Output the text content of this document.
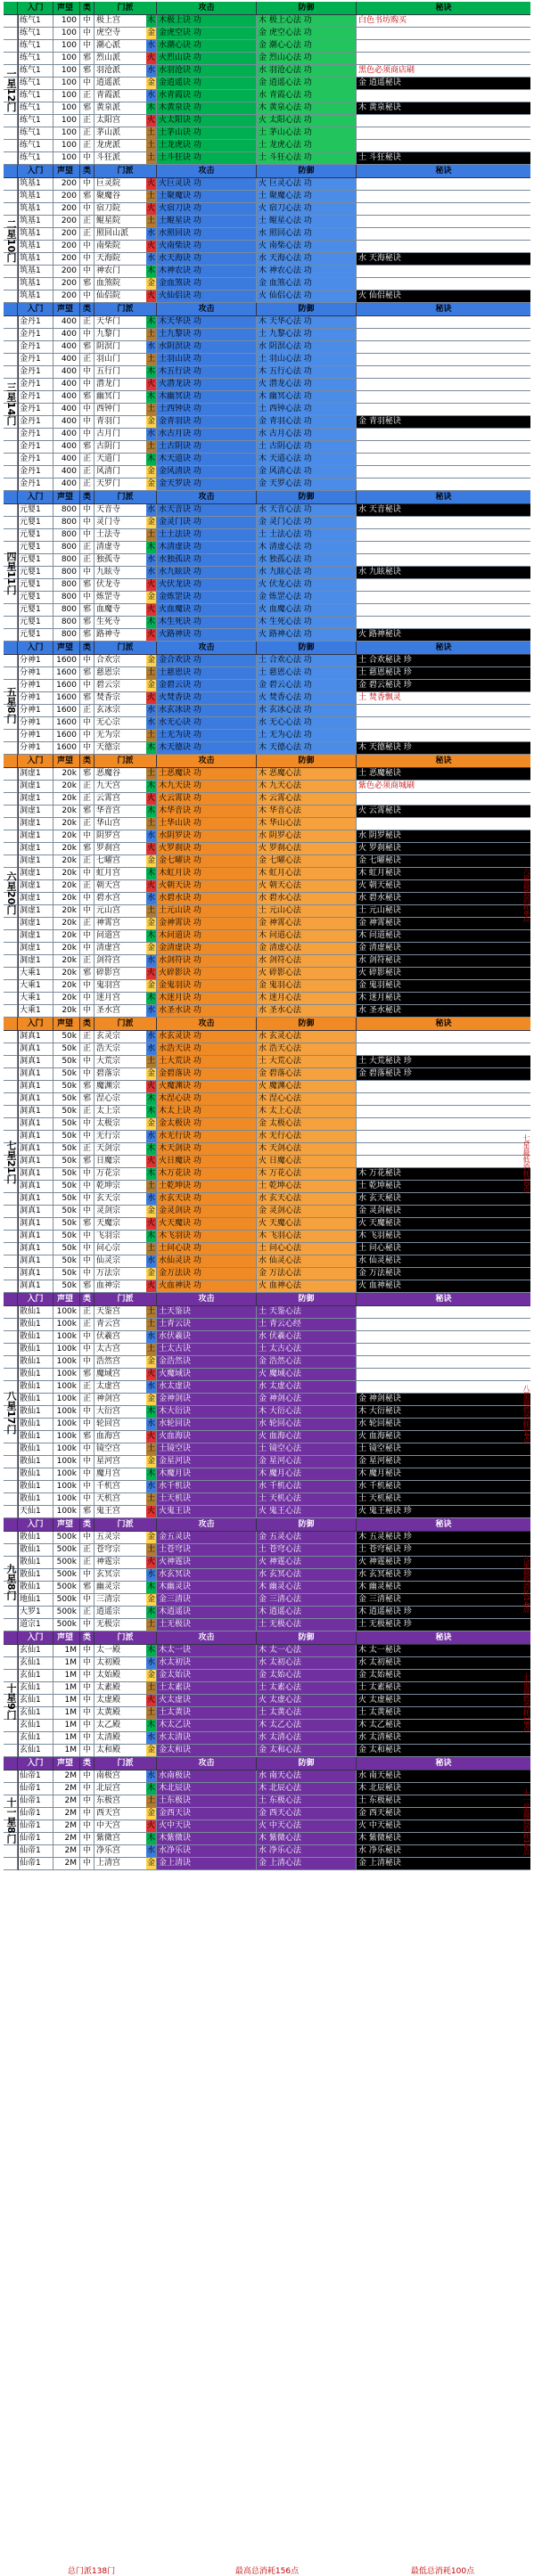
入门	声望	类	门派	攻击	防御	秘诀
一星12门
练气1	100 中 极上宫	木 木极上诀 功	木 极上心法 功	白色书坊购买
练气1	100 中 虎空寺	金 金虎空诀 功	金 虎空心法 功
练气1	100 中 潮心派	水 水潮心诀 功	金 潮心心法 功
练气1	100 邪 烈山派	火 火烈山诀 功	金 烈山心法 功
练气1	100 邪 羽沧派	水 水羽沧诀 功	水 羽沧心法 功	黑色必须商店刷
练气1	100 中 逍遥派	金 金逍遥诀 功	金 逍遥心法 功	金 逍遥秘诀
练气1	100 正 青霞派	水 水青霞诀 功	水 青霞心法 功
练气1	100 邪 黄泉派	木 木黄泉诀 功	木 黄泉心法 功	木 黄泉秘诀
练气1	100 正 太阳宫	火 火太阳诀 功	火 太阳心法 功
练气1	100 正 茅山派	土 土茅山诀 功	土 茅山心法 功
练气1	100 正 龙虎派	土 土龙虎诀 功	土 龙虎心法 功
练气1	100 中 斗狂派	土 土斗狂诀 功	土 斗狂心法 功	土 斗狂秘诀
入门	声望	类	门派	攻击	防御	秘诀
二星10门
筑基1	200 中 巨灵院	火 火巨灵诀 功	火 巨灵心法 功
筑基1	200 邪 聚魔谷	土 土聚魔诀 功	土 聚魔心法 功
筑基1	200 中 宿刀院	火 火宿刀诀 功	火 宿刀心法 功
筑基1	200 正 鲲星院	土 土鲲星诀 功	土 鲲星心法 功
筑基1	200 正 照回山派 水 水照回诀 功	水 照回心法 功
筑基1	200 中 南柴院	火 火南柴诀 功	火 南柴心法 功
筑基1	200 中 天海院	水 水天海诀 功	水 天海心法 功	水 天海秘诀
筑基1	200 中 神农门	木 木神农诀 功	木 神农心法 功
筑基1	200 邪 血煞院	金 金血煞诀 功	金 血煞心法 功
筑基1	200 中 仙侣院	火 火仙侣诀 功	火 仙侣心法 功	火 仙侣秘诀
入门	声望	类	门派	攻击	防御	秘诀
三星14门
金丹1	400 正 天华门	木 木天华诀 功	木 天华心法 功
金丹1	400 中 九黎门	土 土九黎诀 功	土 九黎心法 功
金丹1	400 邪 阴溟门	水 水阴溟诀 功	水 阴溟心法 功
金丹1	400 正 羽山门	土 土羽山诀 功	土 羽山心法 功
金丹1	400 中 五行门	木 木五行诀 功	木 五行心法 功
金丹1	400 中 潜龙门	火 火潜龙诀 功	火 潜龙心法 功
金丹1	400 邪 幽冥门	木 木幽冥诀 功	木 幽冥心法 功
金丹1	400 中 西钟门	土 土西钟诀 功	土 西钟心法 功
金丹1	400 中 青羽门	金 金青羽诀 功	金 青羽心法 功	金 青羽秘诀
金丹1	400 中 古月门	水 水古月诀 功	水 古月心法 功
金丹1	400 邪 古阴门	土 土古阴诀 功	土 古阴心法 功
金丹1	400 正 天道门	木 木天道诀 功	木 天道心法 功
金丹1	400 正 风清门	金 金风清诀 功	金 风清心法 功
金丹1	400 正 天罗门	金 金天罗诀 功	金 天罗心法 功
入门	声望	类	门派	攻击	防御	秘诀
四星11门
元婴1	800 中 天音寺	水 水天音诀 功	水 天音心法 功	水 天音秘诀
元婴1	800 中 灵门寺	金 金灵门诀 功	金 灵门心法 功
元婴1	800 中 土法寺	土 土土法诀 功	土 土法心法 功
元婴1	800 正 清虚寺	木 木清虚诀 功	木 清虚心法 功
元婴1	800 正 独孤寺	水 水独孤诀 功	水 独孤心法 功
元婴1	800 中 九眩寺	水 水九眩诀 功	水 九眩心法 功	水 九眩秘诀
元婴1	800 邪 伏龙寺	火 火伏龙诀 功	火 伏龙心法 功
元婴1	800 中 炼罡寺	金 金炼罡诀 功	金 炼罡心法 功
元婴1	800 邪 血魔寺	火 火血魔诀 功	火 血魔心法 功
元婴1	800 邪 生死寺	木 木生死诀 功	木 生死心法 功
元婴1	800 邪 路神寺	火 火路神诀 功	火 路神心法 功	火 路神秘诀
入门	声望	类	门派	攻击	防御	秘诀
五星8门
分神1	1600 中 合欢宗	金 金合欢诀 功	土 合欢心法 功	土 合欢秘诀 珍
分神1	1600 邪 慈恩宗	土 土慈恩诀 功	土 慈恩心法 功	土 慈恩秘诀 珍
分神1	1600 中 碧云宗	金 金碧云诀 功	金 碧云心法 功	金 碧云秘诀 珍
分神1	1600 邪 焚香宗	火 火焚香诀 功	火 焚香心法 功	土 焚香飘灵
分神1	1600 正 玄冰宗	水 水玄冰诀 功	水 玄冰心法 功
分神1	1600 中 无心宗	水 水无心诀 功	水 无心心法 功
分神1	1600 中 无为宗	土 土无为诀 功	土 无为心法 功
分神1	1600 中 天德宗	木 木天德诀 功	木 天德心法 功	木 天德秘诀 珍
入门	声望	类	门派	攻击	防御	秘诀
六星20门
洞虚1	20k 邪 恶魔谷	土 土恶魔诀 功	木 恶魔心法	土 恶魔秘诀
洞虚1	20k 正 九天宫	木 木九天诀 功	木 九天心法	紫色必须商城刷
洞虚1	20k 正 云霄宫	火 火云霄诀 功	木 云霄心法
洞虚1	20k 邪 华音宫	木 木华音诀 功	木 华音心法	火 云霄秘诀
洞虚1	20k 正 华山宫	土 土华山诀 功	木 华山心法
洞虚1	20k 中 阴罗宫	水 水阴罗诀 功	水 阴罗心法	水 阴罗秘诀
洞虚1	20k 邪 罗刹宫	火 火罗刹诀 功	火 罗刹心法	火 罗刹秘诀
洞虚1	20k 正 七曜宫	金 金七曜诀 功	金 七曜心法	金 七曜秘诀
洞虚1	20k 中 虹月宫	木 木虹月诀 功	木 虹月心法	木 虹月秘诀
洞虚1	20k 正 朝天宫	火 火朝天诀 功	火 朝天心法	火 朝天秘诀
洞虚1	20k 中 碧水宫	水 水碧水诀 功	水 碧水心法	水 碧水秘诀
洞虚1	20k 中 元山宫	土 土元山诀 功	土 元山心法	土 元山秘诀
洞虚1	20k 正 神霄宫	金 金神霄诀 功	金 神霄心法	金 神霄秘诀
洞虚1	20k 中 问道宫	木 木问道诀 功	木 问道心法	木 问道秘诀
洞虚1	20k 中 清虚宫	金 金清虚诀 功	金 清虚心法	金 清虚秘诀
洞虚1	20k 正 剑符宫	水 水剑符诀 功	水 剑符心法	水 剑符秘诀
大乘1	20k 邪 碎影宫	火 火碎影诀 功	火 碎影心法	火 碎影秘诀
大乘1	20k 中 鬼羽宫	金 金鬼羽诀 功	金 鬼羽心法	金 鬼羽秘诀
大乘1	20k 中 迷月宫	木 木迷月诀 功	木 迷月心法	木 迷月秘诀
大乘1	20k 中 圣水宫	水 水圣水诀 功	水 圣水心法	水 圣水秘诀
六星最低消耗6点
入门	声望	类	门派	攻击	防御	秘诀
七星21门
洞真1	50k 正 玄灵宗	水 水玄灵诀 功	水 玄灵心法
洞真1	50k 正 浩天宗	水 水浩天诀 功	水 浩天心法
洞真1	50k 中 大荒宗	土 土大荒诀 功	土 大荒心法	土 大荒秘诀 珍
洞真1	50k 中 碧落宗	金 金碧落诀 功	金 碧落心法	金 碧落秘诀 珍
洞真1	50k 邪 魔渊宗	火 火魔渊诀 功	火 魔渊心法
洞真1	50k 邪 涅心宗	木 木涅心诀 功	木 涅心心法
洞真1	50k 正 太上宗	木 木太上诀 功	木 太上心法
洞真1	50k 中 太极宗	金 金太极诀 功	金 太极心法
洞真1	50k 中 无行宗	水 水无行诀 功	水 无行心法
洞真1	50k 正 天剑宗	木 木天剑诀 功	木 天剑心法
洞真1	50k 邪 日魔宗	火 火日魔诀 功	火 日魔心法
洞真1	50k 中 万花宗	木 木万花诀 功	木 万花心法	木 万花秘诀
洞真1	50k 中 乾坤宗	土 土乾坤诀 功	土 乾坤心法	土 乾坤秘诀
洞真1	50k 中 玄天宗	水 水玄天诀 功	水 玄天心法	水 玄天秘诀
洞真1	50k 中 灵剑宗	金 金灵剑诀 功	金 灵剑心法	金 灵剑秘诀
洞真1	50k 邪 天魔宗	火 火天魔诀 功	火 天魔心法	火 天魔秘诀
洞真1	50k 中 飞羽宗	木 木飞羽诀 功	木 飞羽心法	木 飞羽秘诀
洞真1	50k 中 问心宗	土 土问心诀 功	土 问心心法	土 问心秘诀
洞真1	50k 中 仙灵宗	水 水仙灵诀 功	水 仙灵心法	水 仙灵秘诀
洞真1	50k 中 万法宗	金 金万法诀 功	金 万法心法	金 万法秘诀
洞真1	50k 邪 血神宗	火 火血神诀 功	火 血神心法	火 血神秘诀
七星最低消耗10点
入门	声望	类	门派	攻击	防御	秘诀
八星17门
散仙1	100k 正 天鉴宫	土 土天鉴诀	土 天鉴心法
散仙1	100k 正 青云宫	土 土青云诀	土 青云心经
散仙1	100k 中 伏羲宫	水 水伏羲诀	水 伏羲心法
散仙1	100k 中 太古宫	土 土太古诀	土 太古心法
散仙1	100k 中 浩然宫	金 金浩然诀	金 浩然心法
散仙1	100k 邪 魔域宫	火 火魔域诀	火 魔域心法
散仙1	100k 正 太虚宫	水 水太虚诀	水 太虚心法
散仙1	100k 正 神剑宫	金 金神剑诀	金 神剑心法	金 神剑秘诀
散仙1	100k 中 大衍宫	木 木大衍诀	木 大衍心法	木 大衍秘诀
散仙1	100k 中 轮回宫	水 水轮回诀	水 轮回心法	水 轮回秘诀
散仙1	100k 邪 血海宫	火 火血海诀	火 血海心法	火 血海秘诀
散仙1	100k 中 镜空宫	土 土镜空诀	土 镜空心法	土 镜空秘诀
散仙1	100k 中 星河宫	金 金星河诀	金 星河心法	金 星河秘诀
散仙1	100k 中 魔月宫	木 木魔月诀	木 魔月心法	木 魔月秘诀
散仙1	100k 中 千机宫	水 水千机诀	水 千机心法	水 千机秘诀
散仙1	100k 中 天机宫	土 土天机诀	土 天机心法	土 天机秘诀
天仙1	100k 邪 鬼王宫	火 火鬼王诀	火 鬼王心法	火 鬼王秘诀 珍
八星最低消耗34点
入门	声望	类	门派	攻击	防御	秘诀
九星8门
散仙1	500k 中 五灵宗	金 金五灵诀	金 五灵心法	木 五灵秘诀 珍
散仙1	500k 正 苍穹宗	土 土苍穹诀	土 苍穹心法	土 苍穹秘诀 珍
散仙1	500k 正 神霆宗	火 火神霆诀	火 神霆心法	火 神霆秘诀 珍
散仙1	500k 中 玄冥宗	水 水玄冥诀	水 玄冥心法	水 玄冥秘诀 珍
散仙1	500k 邪 幽灵宗	木 木幽灵诀	木 幽灵心法	木 幽灵秘诀
地仙1	500k 中 三清宗	金 金三清诀	金 三清心法	金 三清秘诀
大罗1	500k 正 逍遥宗	木 木逍遥诀	木 逍遥心法	木 逍遥秘诀 珍
道宗1	500k 中 无极宗	土 土无极诀	土 无极心法	土 无极秘诀 珍
九星最低消耗14点
入门	声望	类	门派	攻击	防御	秘诀
十星9门
玄仙1	1M 中 太一殿	木 木太一诀	木 太一心法	木 太一秘诀
玄仙1	1M 中 太初殿	水 水太初诀	水 太初心法	水 太初秘诀
玄仙1	1M 中 太始殿	金 金太始诀	金 太始心法	金 太始秘诀
玄仙1	1M 中 太素殿	土 土太素诀	土 太素心法	土 太素秘诀
玄仙1	1M 中 太虚殿	火 火太虚诀	火 太虚心法	火 太虚秘诀
玄仙1	1M 中 太黄殿	土 土太黄诀	土 太黄心法	土 太黄秘诀
玄仙1	1M 中 太乙殿	木 木太乙诀	木 太乙心法	木 太乙秘诀
玄仙1	1M 中 太清殿	水 水太清诀	水 太清心法	水 太清秘诀
玄仙1	1M 中 太和殿	金 金太和诀	金 太和心法	金 太和秘诀
十星最低消耗18点
入门	声望	类	门派	攻击	防御	秘诀
十一星8门
仙帝1	2M 中 南极宫	水 水南极诀	水 南天心法	水 南天秘诀
仙帝1	2M 中 北辰宫	木 木北辰诀	木 北辰心法	木 北辰秘诀
仙帝1	2M 中 东极宫	土 土东极诀	土 东极心法	土 东极秘诀
仙帝1	2M 中 西天宫	金 金西天诀	金 西天心法	金 西天秘诀
仙帝1	2M 中 中天宫	火 火中天诀	火 中天心法	火 中天秘诀
仙帝1	2M 中 紫微宫	木 木紫微诀	木 紫微心法	木 紫微秘诀
仙帝1	2M 中 净乐宫	水 水净乐诀	水 净乐心法	水 净乐秘诀
仙帝1	2M 中 上清宫	金 金上清诀	金 上清心法	金 上清秘诀
十一星最低消耗16点
总门派138门	最高总消耗156点	最低总消耗100点
